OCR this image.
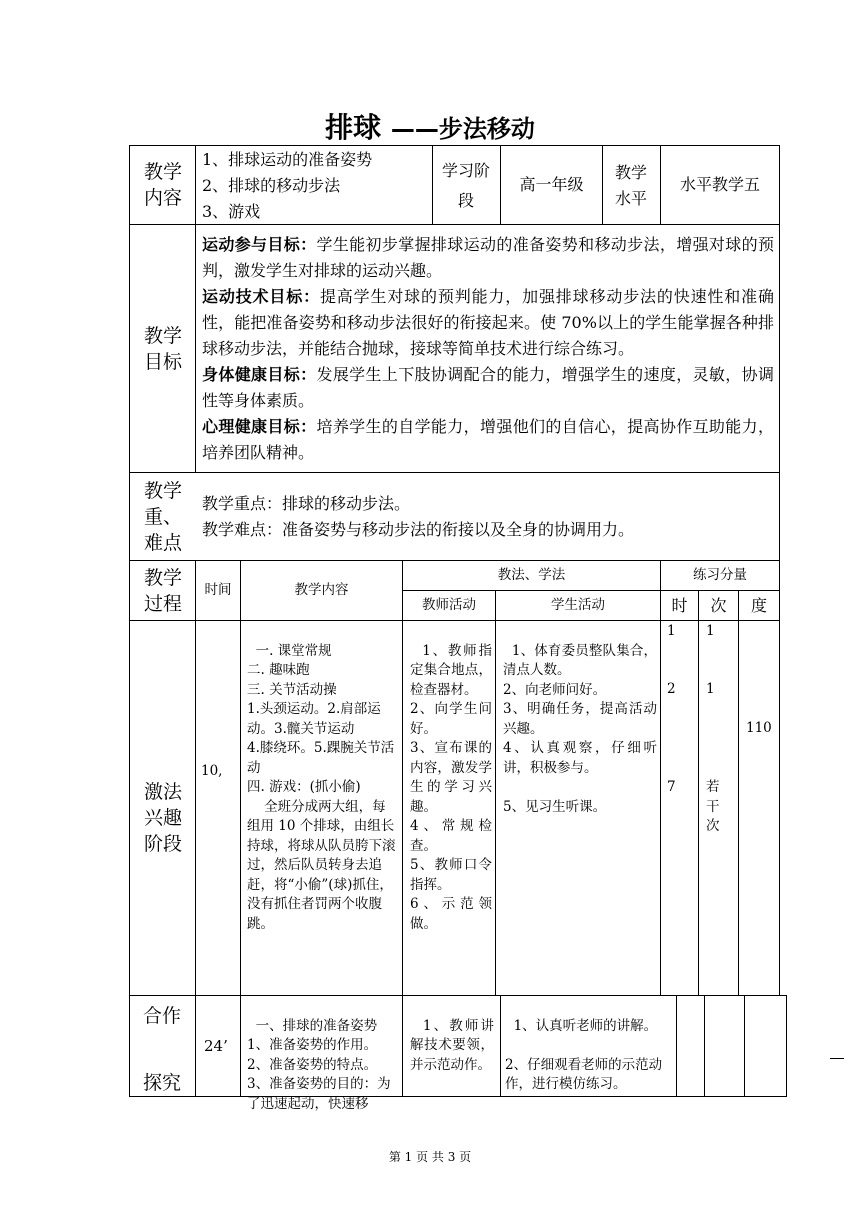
排球 ——步法移动
教学内容
1、排球运动的准备姿势
2、排球的移动步法
3、游戏
学习阶段
高一年级
教学水平
水平教学五
教学目标
运动参与目标：学生能初步掌握排球运动的准备姿势和移动步法，增强对球的预判，激发学生对排球的运动兴趣。
运动技术目标：提高学生对球的预判能力，加强排球移动步法的快速性和准确性，能把准备姿势和移动步法很好的衔接起来。使 70%以上的学生能掌握各种排球移动步法，并能结合抛球，接球等简单技术进行综合练习。
身体健康目标：发展学生上下肢协调配合的能力，增强学生的速度，灵敏，协调性等身体素质。
心理健康目标：培养学生的自学能力，增强他们的自信心，提高协作互助能力，培养团队精神。
教学重、难点
教学重点：排球的移动步法。
教学难点：准备姿势与移动步法的衔接以及全身的协调用力。
教学过程
时间	教学内容
教法、学法
教师活动	学生活动
练习分量
时 次 度
激法兴趣阶段
10,

一. 课堂常规
二. 趣味跑
三. 关节活动操
1.头颈运动。2.肩部运动。3.髋关节运动
4.膝绕环。5.踝腕关节活动
四. 游戏：(抓小偷)
全班分成两大组，每组用 10 个排球，由组长持球，将球从队员胯下滚过，然后队员转身去追赶，将“小偷”(球)抓住，没有抓住者罚两个收腹跳。

1、教师指定集合地点，检查器材。
2、向学生问好。
3、宣布课的内容，激发学生的学习兴趣。
4、常规检查。
5、教师口令指挥。
6、示范领做。

1、体育委员整队集合，清点人数。
2、向老师问好。
3、明确任务，提高活动兴趣。
4、认真观察，仔细听讲，积极参与。

5、见习生听课。

1
2
7
1
1
若
干
次
110
合作
探究
24’

一、排球的准备姿势
1、准备姿势的作用。
2、准备姿势的特点。
3、准备姿势的目的：为了迅速起动，快速移

1、教师讲解技术要领，并示范动作。

1、认真听老师的讲解。

2、仔细观看老师的示范动作，进行模仿练习。

第 1 页 共 3 页
